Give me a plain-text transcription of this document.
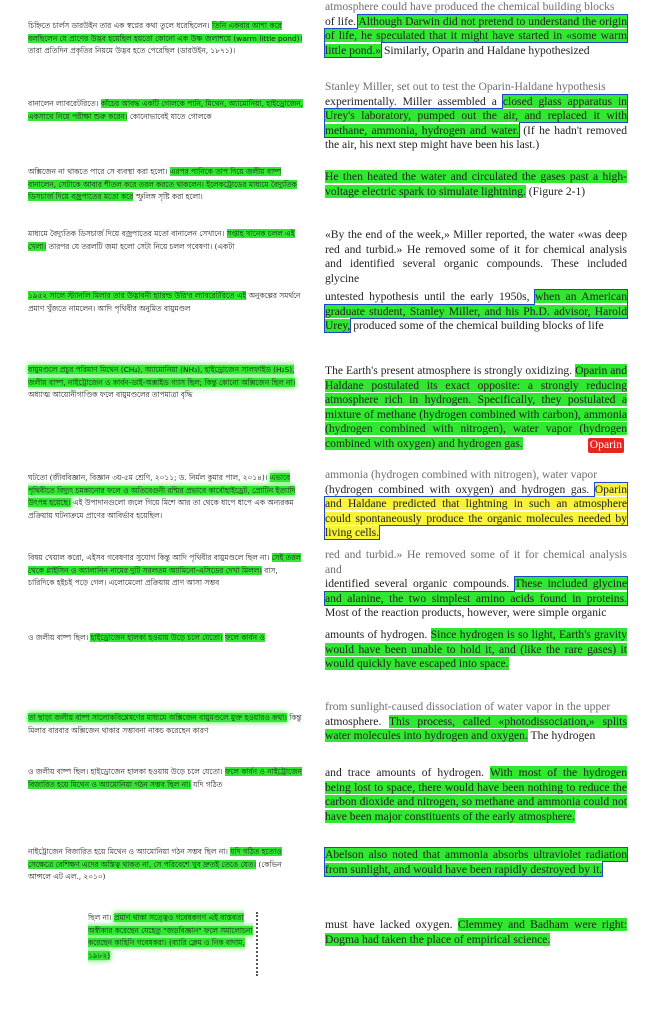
চিহ্নিতে চার্লস ডারউইন তার এক স্বপ্নের কথা তুলে ধরেছিলেন। তিনি একবার আশা করে বলছিলেন যে প্রাণের উদ্ভব হয়েছিল হয়তো কোনো এক উষ্ণ জলাশয়ে (warm little pond)। তারা প্রতিদিন প্রকৃতির নিয়মে উদ্ভব হতে পেরেছিল (ডারউইন, ১৮৭১)।
atmosphere could have produced the chemical building blocks
of life. Although Darwin did not pretend to understand the origin of life, he speculated that it might have started in «some warm little pond.» Similarly, Oparin and Haldane hypothesized
বানালেন ল্যাবরেটরিতে। কাঁচের আবদ্ধ একটি গোলকে পানি, মিথেন, অ্যামোনিয়া, হাইড্রোজেন, একসাথে নিয়ে পরীক্ষা শুরু করেন। কোনোভাবেই যাতে গোলকে
Stanley Miller, set out to test the Oparin-Haldane hypothesis
experimentally. Miller assembled a closed glass apparatus in Urey's laboratory, pumped out the air, and replaced it with methane, ammonia, hydrogen and water. (If he hadn't removed the air, his next step might have been his last.)
অক্সিজেন না থাকতে পারে সে ব্যবস্থা করা হলো। এরপর পানিকে তাপ দিয়ে জলীয় বাষ্প বানালেন, সেটাকে আবার শীতল করে তরল করতে থাকলেন। ইলেকট্রোডের মাধ্যমে বৈদ্যুতিক ডিসচার্জ দিয়ে বজ্রপাতের মতো করে স্ফুলিঙ্গ সৃষ্টি করা হলো।
He then heated the water and circulated the gases past a high-voltage electric spark to simulate lightning. (Figure 2-1)
মাধ্যমে বৈদ্যুতিক ডিসচার্জ দিয়ে বজ্রপাতের মতো বানালেন সেখানে। সপ্তাহ খানেক চলল এই খেলা। তারপর যে তরলটি জমা হলো সেটা নিয়ে চলল গবেষণা। (একটা
«By the end of the week,» Miller reported, the water «was deep red and turbid.» He removed some of it for chemical analysis and identified several organic compounds. These included glycine
১৯৫২ সালে স্ট্যানলি মিলার তার উদ্ভাবনী হ্যারল্ড উরি'র ল্যাবরেটরিতে এই অনুকল্পের সমর্থনে প্রমাণ খুঁজতে নামলেন। আদি পৃথিবীর অনুমিত বায়ুমণ্ডল
untested hypothesis until the early 1950s, when an American graduate student, Stanley Miller, and his Ph.D. advisor, Harold Urey, produced some of the chemical building blocks of life
বায়ুমণ্ডলে প্রচুর পরিমাণ মিথেন (CH₄), অ্যামোনিয়া (NH₃), হাইড্রোজেন সালফাইড (H₂S), জলীয় বাষ্প, নাইট্রোজেন ও কার্বন-ডাই-অক্সাইড গ্যাস ছিল; কিন্তু কোনো অক্সিজেন ছিল না। অধ্যাত্ম আয়োনীগাণ্ডিক ফলে বায়ুমণ্ডলের তাপমাত্রা বৃদ্ধি
The Earth's present atmosphere is strongly oxidizing. Oparin and Haldane postulated its exact opposite: a strongly reducing atmosphere rich in hydrogen. Specifically, they postulated a mixture of methane (hydrogen combined with carbon), ammonia (hydrogen combined with nitrogen), water vapor (hydrogen combined with oxygen) and hydrogen gas.	Oparin
ঘটতো (জীববিজ্ঞান, বিজ্ঞান ৩য়-৫ম শ্রেণি, ২০১১; ড. নির্মল কুমার পাল, ২০১৪)। এভাবে পৃথিবীতে বিদ্যুৎ চমকানোর ফলে ও অতিবেগুনী রশ্মির প্রভাবে কার্বোহাইড্রেট, প্রোটিন ইত্যাদি উৎপন্ন হয়েছে। এই উপাদানগুলো জলে গিয়ে মিশে আর তা থেকে ধাপে ধাপে এক অন্যরকম প্রক্রিয়ায় ঘটনাক্রমে প্রাণের আবির্ভাব হয়েছিল।
ammonia (hydrogen combined with nitrogen), water vapor
(hydrogen combined with oxygen) and hydrogen gas. Oparin and Haldane predicted that lightning in such an atmosphere could spontaneously produce the organic molecules needed by living cells.
বিষয় খেয়াল করো, এইসব গবেষণার সুযোগ কিন্তু আদি পৃথিবীর বায়ুমণ্ডলে ছিল না। সেই তরল থেকে গ্লাইসিন ও অ্যালানিন নামের দুটি সরলতম অ্যামিনো-এসিডের দেখা মিলল। বাস, চারিদিকে হইচই পড়ে গেল। এলোমেলো প্রক্রিয়ায় প্রাণ আসা সম্ভব
red and turbid.» He removed some of it for chemical analysis and
identified several organic compounds. These included glycine and alanine, the two simplest amino acids found in proteins. Most of the reaction products, however, were simple organic
ও জলীয় বাষ্প ছিল। হাইড্রোজেন হালকা হওয়ায় উড়ে চলে যেতো। ফলে কার্বন ও	amounts of hydrogen. Since hydrogen is so light, Earth's gravity would have been unable to hold it, and (like the rare gases) it would quickly have escaped into space.
তা ছাড়া জলীয় বাষ্প সালোকবিশ্লেষণের মাধ্যমে অক্সিজেন বায়ুমণ্ডলে মুক্ত হওয়ারও কথা। কিন্তু মিলার বারবার অক্সিজেন থাকার সম্ভাবনা নাকচ করেছেন কারণ
from sunlight-caused dissociation of water vapor in the upper
atmosphere. This process, called «photodissociation,» splits water molecules into hydrogen and oxygen. The hydrogen
ও জলীয় বাষ্প ছিল। হাইড্রোজেন হালকা হওয়ায় উড়ে চলে যেতো। ফলে কার্বন ও নাইট্রোজেন বিজারিত হয়ে মিথেন ও অ্যামোনিয়া গঠন সম্ভব ছিল না। যদি গঠিত
and trace amounts of hydrogen. With most of the hydrogen being lost to space, there would have been nothing to reduce the carbon dioxide and nitrogen, so methane and ammonia could not have been major constituents of the early atmosphere.
নাইট্রোজেন বিজারিত হয়ে মিথেন ও অ্যামোনিয়া গঠন সম্ভব ছিল না। যদি গঠিত হতোও সেক্ষেত্রে বেশিক্ষণ এদের অস্তিত্ব থাকত না, সে পরিবেশে খুব দ্রুতই তেঙে যেত। (কেভিন আন্সলে এট এল., ২০১০)
Abelson also noted that ammonia absorbs ultraviolet radiation from sunlight, and would have been rapidly destroyed by it.
ছিল না। প্রমাণ থাকা সত্ত্বেও গবেষকগণ এই বাস্তবতা অস্বীকার করেছেন যেহেতু "জড়বিজ্ঞান" ফলে সমালোচনা করেছেন কাহিনি গবেষকরা। (ব্যারি ক্লেম ও নিক বাদাম, ১৯৮২)
must have lacked oxygen. Clemmey and Badham were right: Dogma had taken the place of empirical science.
